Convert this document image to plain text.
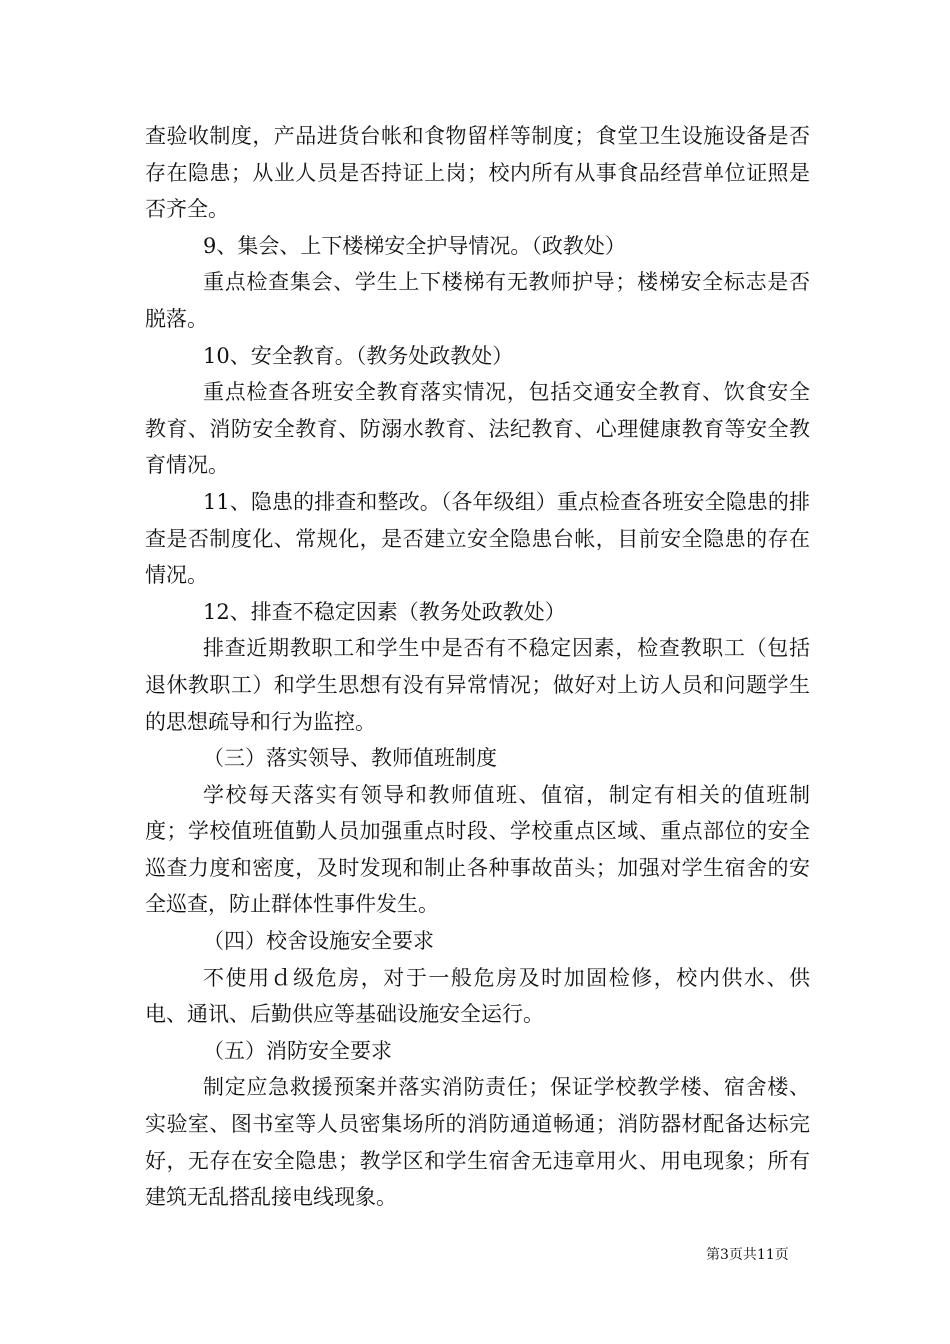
查验收制度，产品进货台帐和食物留样等制度；食堂卫生设施设备是否存在隐患；从业人员是否持证上岗；校内所有从事食品经营单位证照是否齐全。

9、集会、上下楼梯安全护导情况。（政教处）

重点检查集会、学生上下楼梯有无教师护导；楼梯安全标志是否脱落。

10、安全教育。（教务处政教处）

重点检查各班安全教育落实情况，包括交通安全教育、饮食安全教育、消防安全教育、防溺水教育、法纪教育、心理健康教育等安全教育情况。

11、隐患的排查和整改。（各年级组）重点检查各班安全隐患的排查是否制度化、常规化，是否建立安全隐患台帐，目前安全隐患的存在情况。

12、排查不稳定因素（教务处政教处）

排查近期教职工和学生中是否有不稳定因素，检查教职工（包括退休教职工）和学生思想有没有异常情况；做好对上访人员和问题学生的思想疏导和行为监控。

（三）落实领导、教师值班制度

学校每天落实有领导和教师值班、值宿，制定有相关的值班制度；学校值班值勤人员加强重点时段、学校重点区域、重点部位的安全巡查力度和密度，及时发现和制止各种事故苗头；加强对学生宿舍的安全巡查，防止群体性事件发生。

（四）校舍设施安全要求

不使用ｄ级危房，对于一般危房及时加固检修，校内供水、供电、通讯、后勤供应等基础设施安全运行。

（五）消防安全要求

制定应急救援预案并落实消防责任；保证学校教学楼、宿舍楼、实验室、图书室等人员密集场所的消防通道畅通；消防器材配备达标完好，无存在安全隐患；教学区和学生宿舍无违章用火、用电现象；所有建筑无乱搭乱接电线现象。

第3页共11页
